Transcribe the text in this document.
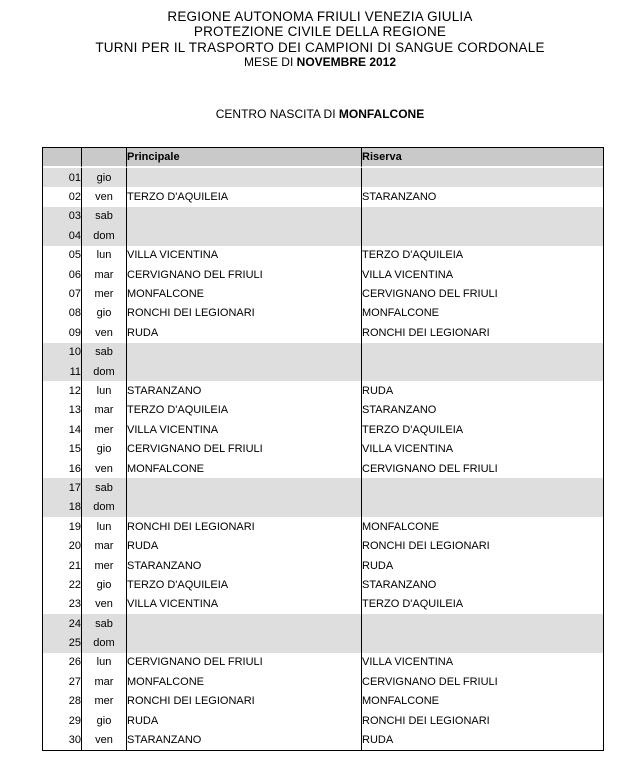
REGIONE AUTONOMA FRIULI VENEZIA GIULIA
PROTEZIONE CIVILE DELLA REGIONE
TURNI PER IL TRASPORTO DEI CAMPIONI DI SANGUE CORDONALE
MESE DI NOVEMBRE 2012
CENTRO NASCITA DI MONFALCONE
		Principale	Riserva
01	gio		
02	ven	TERZO D'AQUILEIA	STARANZANO
03	sab		
04	dom		
05	lun	VILLA VICENTINA	TERZO D'AQUILEIA
06	mar	CERVIGNANO DEL FRIULI	VILLA VICENTINA
07	mer	MONFALCONE	CERVIGNANO DEL FRIULI
08	gio	RONCHI DEI LEGIONARI	MONFALCONE
09	ven	RUDA	RONCHI DEI LEGIONARI
10	sab		
11	dom		
12	lun	STARANZANO	RUDA
13	mar	TERZO D'AQUILEIA	STARANZANO
14	mer	VILLA VICENTINA	TERZO D'AQUILEIA
15	gio	CERVIGNANO DEL FRIULI	VILLA VICENTINA
16	ven	MONFALCONE	CERVIGNANO DEL FRIULI
17	sab		
18	dom		
19	lun	RONCHI DEI LEGIONARI	MONFALCONE
20	mar	RUDA	RONCHI DEI LEGIONARI
21	mer	STARANZANO	RUDA
22	gio	TERZO D'AQUILEIA	STARANZANO
23	ven	VILLA VICENTINA	TERZO D'AQUILEIA
24	sab		
25	dom		
26	lun	CERVIGNANO DEL FRIULI	VILLA VICENTINA
27	mar	MONFALCONE	CERVIGNANO DEL FRIULI
28	mer	RONCHI DEI LEGIONARI	MONFALCONE
29	gio	RUDA	RONCHI DEI LEGIONARI
30	ven	STARANZANO	RUDA
